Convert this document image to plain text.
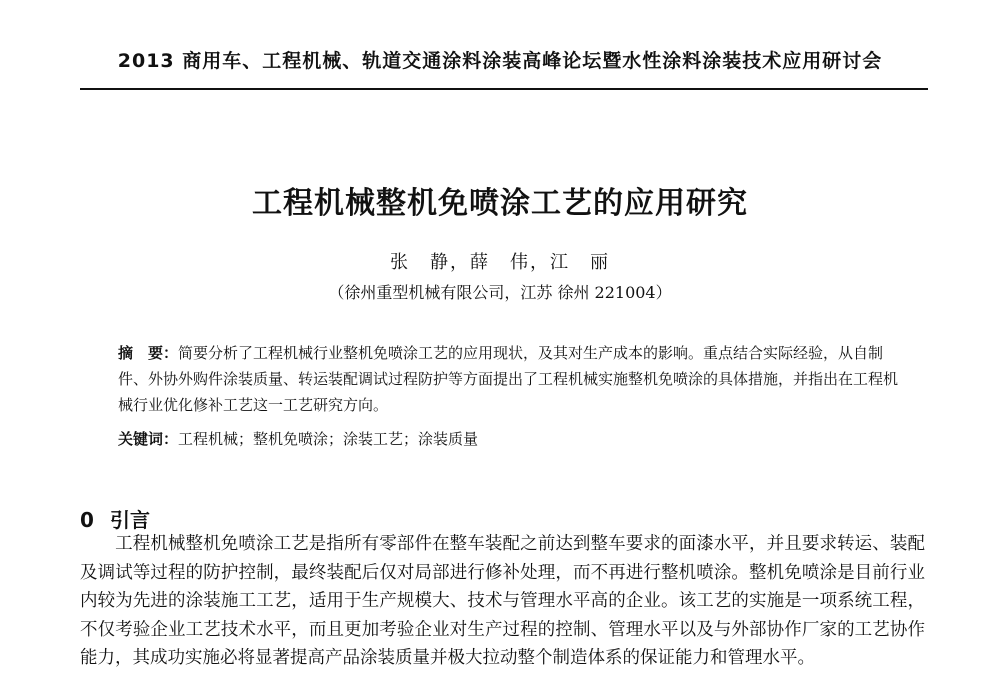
2013 商用车、工程机械、轨道交通涂料涂装高峰论坛暨水性涂料涂装技术应用研讨会
工程机械整机免喷涂工艺的应用研究
张　静，薛　伟，江　丽
（徐州重型机械有限公司，江苏 徐州 221004）
摘　要：简要分析了工程机械行业整机免喷涂工艺的应用现状，及其对生产成本的影响。重点结合实际经验，从自制件、外协外购件涂装质量、转运装配调试过程防护等方面提出了工程机械实施整机免喷涂的具体措施，并指出在工程机械行业优化修补工艺这一工艺研究方向。
关键词：工程机械；整机免喷涂；涂装工艺；涂装质量
0 引言
工程机械整机免喷涂工艺是指所有零部件在整车装配之前达到整车要求的面漆水平，并且要求转运、装配及调试等过程的防护控制，最终装配后仅对局部进行修补处理，而不再进行整机喷涂。整机免喷涂是目前行业内较为先进的涂装施工工艺，适用于生产规模大、技术与管理水平高的企业。该工艺的实施是一项系统工程，不仅考验企业工艺技术水平，而且更加考验企业对生产过程的控制、管理水平以及与外部协作厂家的工艺协作能力，其成功实施必将显著提高产品涂装质量并极大拉动整个制造体系的保证能力和管理水平。
